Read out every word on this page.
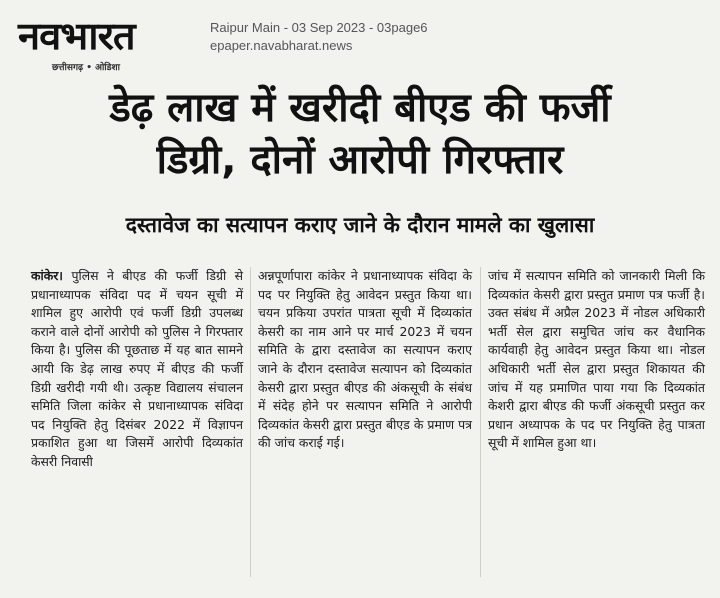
नवभारत
छत्तीसगढ़ • ओडिशा
Raipur Main - 03 Sep 2023 - 03page6
epaper.navabharat.news
डेढ़ लाख में खरीदी बीएड की फर्जी
डिग्री, दोनों आरोपी गिरफ्तार
दस्तावेज का सत्यापन कराए जाने के दौरान मामले का खुलासा
कांकेर। पुलिस ने बीएड की फर्जी डिग्री से प्रधानाध्यापक संविदा पद में चयन सूची में शामिल हुए आरोपी एवं फर्जी डिग्री उपलब्ध कराने वाले दोनों आरोपी को पुलिस ने गिरफ्तार किया है। पुलिस की पूछताछ में यह बात सामने आयी कि डेढ़ लाख रुपए में बीएड की फर्जी डिग्री खरीदी गयी थी। उत्कृष्ट विद्यालय संचालन समिति जिला कांकेर से प्रधानाध्यापक संविदा पद नियुक्ति हेतु दिसंबर 2022 में विज्ञापन प्रकाशित हुआ था जिसमें आरोपी दिव्यकांत केसरी निवासी
अन्नपूर्णापारा कांकेर ने प्रधानाध्यापक संविदा के पद पर नियुक्ति हेतु आवेदन प्रस्तुत किया था। चयन प्रकिया उपरांत पात्रता सूची में दिव्यकांत केसरी का नाम आने पर मार्च 2023 में चयन समिति के द्वारा दस्तावेज का सत्यापन कराए जाने के दौरान दस्तावेज सत्यापन को दिव्यकांत केसरी द्वारा प्रस्तुत बीएड की अंकसूची के संबंध में संदेह होने पर सत्यापन समिति ने आरोपी दिव्यकांत केसरी द्वारा प्रस्तुत बीएड के प्रमाण पत्र की जांच कराई गई।
जांच में सत्यापन समिति को जानकारी मिली कि दिव्यकांत केसरी द्वारा प्रस्तुत प्रमाण पत्र फर्जी है। उक्त संबंध में अप्रैल 2023 में नोडल अधिकारी भर्ती सेल द्वारा समुचित जांच कर वैधानिक कार्यवाही हेतु आवेदन प्रस्तुत किया था। नोडल अधिकारी भर्ती सेल द्वारा प्रस्तुत शिकायत की जांच में यह प्रमाणित पाया गया कि दिव्यकांत केशरी द्वारा बीएड की फर्जी अंकसूची प्रस्तुत कर प्रधान अध्यापक के पद पर नियुक्ति हेतु पात्रता सूची में शामिल हुआ था।
